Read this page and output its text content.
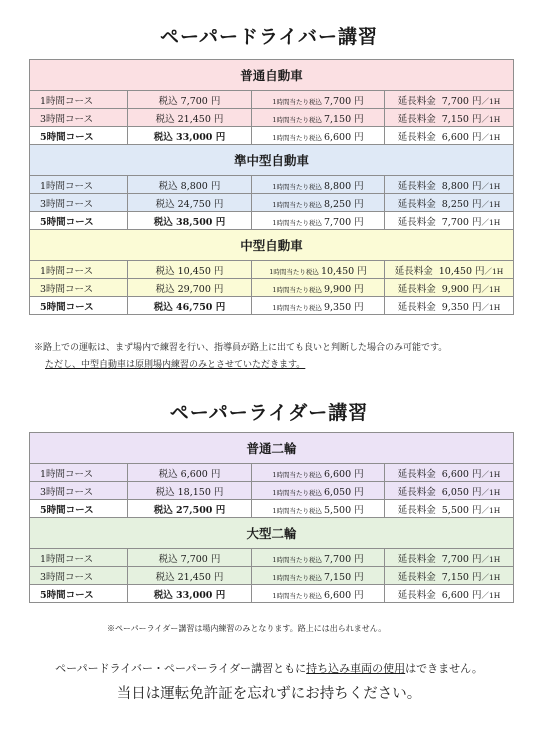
ペーパードライバー講習
普通自動車			
1時間コース	税込 7,700 円	1時間当たり税込 7,700 円	延長料金 7,700 円／1H
3時間コース	税込 21,450 円	1時間当たり税込 7,150 円	延長料金 7,150 円／1H
5時間コース	税込 33,000 円	1時間当たり税込 6,600 円	延長料金 6,600 円／1H
準中型自動車			
1時間コース	税込 8,800 円	1時間当たり税込 8,800 円	延長料金 8,800 円／1H
3時間コース	税込 24,750 円	1時間当たり税込 8,250 円	延長料金 8,250 円／1H
5時間コース	税込 38,500 円	1時間当たり税込 7,700 円	延長料金 7,700 円／1H
中型自動車			
1時間コース	税込 10,450 円	1時間当たり税込 10,450 円	延長料金 10,450 円／1H
3時間コース	税込 29,700 円	1時間当たり税込 9,900 円	延長料金 9,900 円／1H
5時間コース	税込 46,750 円	1時間当たり税込 9,350 円	延長料金 9,350 円／1H
※路上での運転は、まず場内で練習を行い、指導員が路上に出ても良いと判断した場合のみ可能です。
ただし、中型自動車は原則場内練習のみとさせていただきます。
ペーパーライダー講習
普通二輪			
1時間コース	税込 6,600 円	1時間当たり税込 6,600 円	延長料金 6,600 円／1H
3時間コース	税込 18,150 円	1時間当たり税込 6,050 円	延長料金 6,050 円／1H
5時間コース	税込 27,500 円	1時間当たり税込 5,500 円	延長料金 5,500 円／1H
大型二輪			
1時間コース	税込 7,700 円	1時間当たり税込 7,700 円	延長料金 7,700 円／1H
3時間コース	税込 21,450 円	1時間当たり税込 7,150 円	延長料金 7,150 円／1H
5時間コース	税込 33,000 円	1時間当たり税込 6,600 円	延長料金 6,600 円／1H
※ペーパーライダー講習は場内練習のみとなります。路上には出られません。
ペーパードライバー・ペーパーライダー講習ともに持ち込み車両の使用はできません。
当日は運転免許証を忘れずにお持ちください。
